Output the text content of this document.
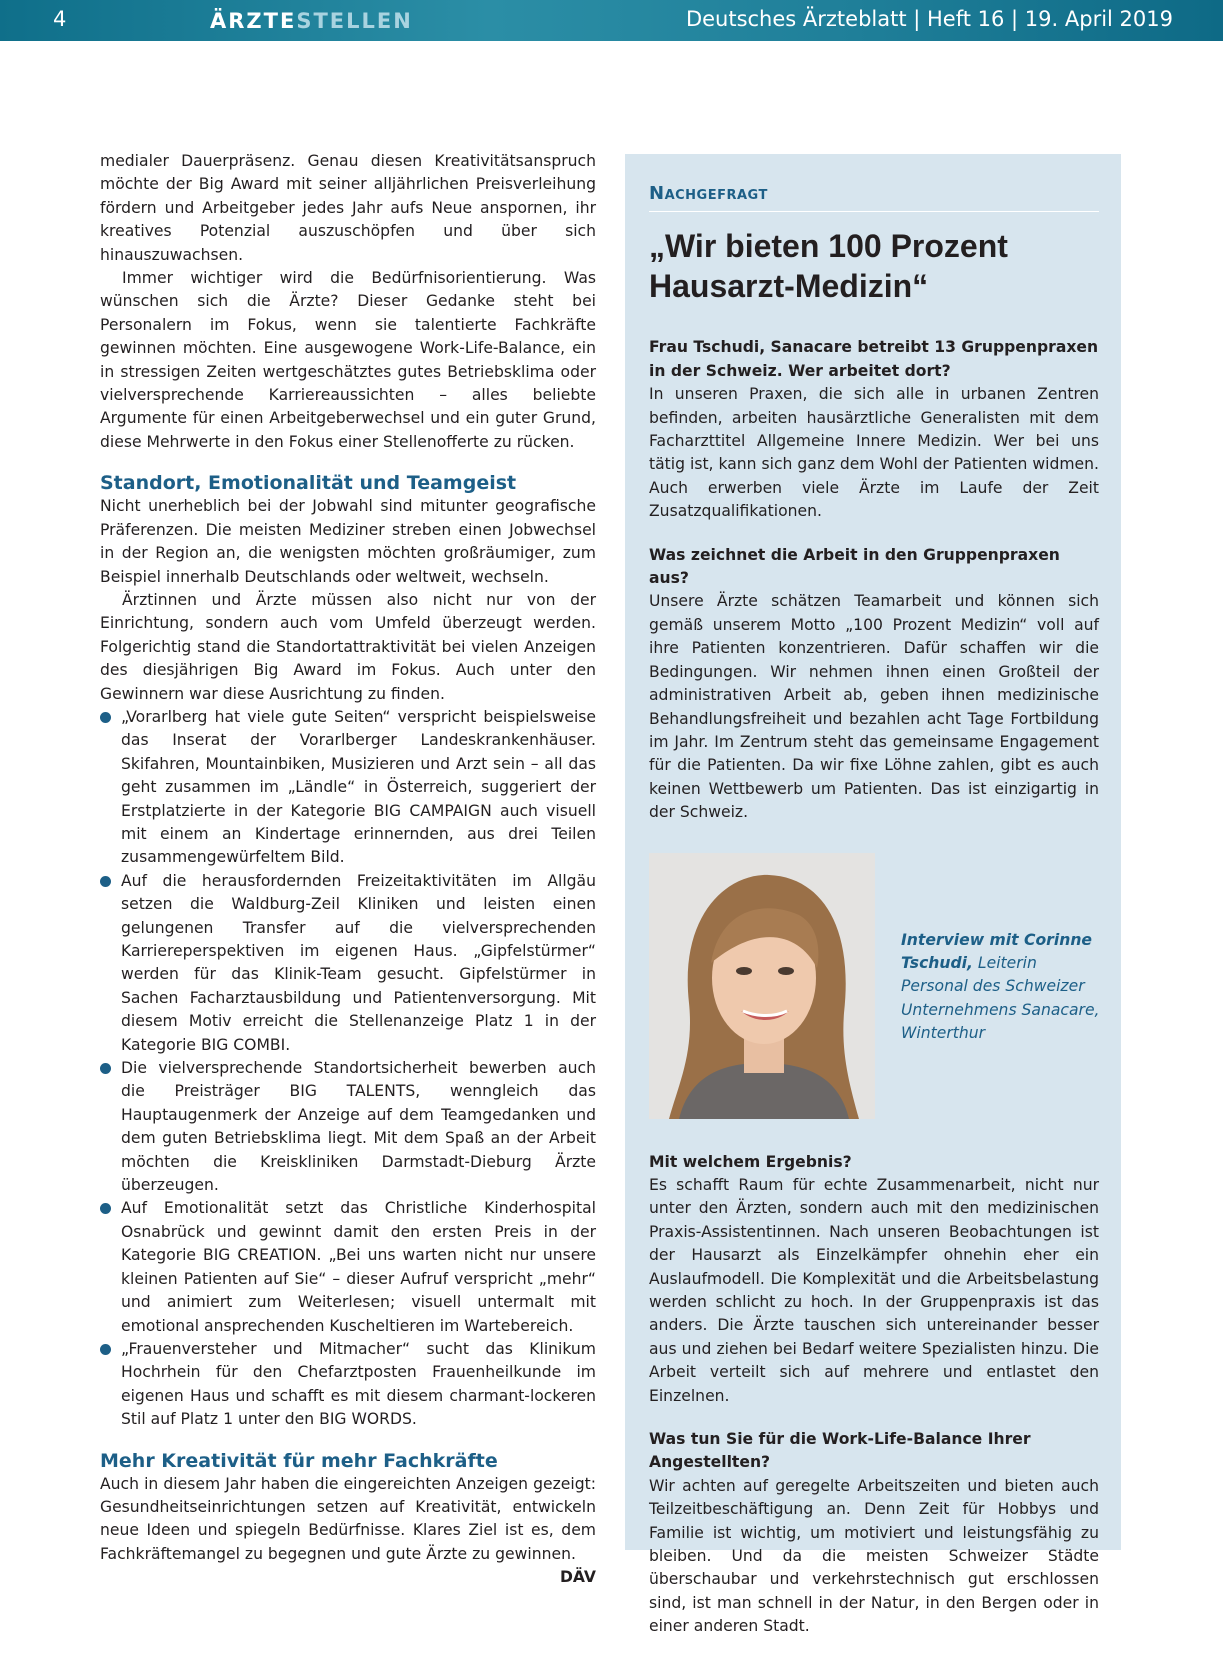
4	ÄRZTESTELLEN	Deutsches Ärzteblatt | Heft 16 | 19. April 2019

medialer Dauerpräsenz. Genau diesen Kreativitätsanspruch möchte der Big Award mit seiner alljährlichen Preisverleihung fördern und Arbeitgeber jedes Jahr aufs Neue anspornen, ihr kreatives Potenzial auszuschöpfen und über sich hinauszuwachsen.

Immer wichtiger wird die Bedürfnisorientierung. Was wünschen sich die Ärzte? Dieser Gedanke steht bei Personalern im Fokus, wenn sie talentierte Fachkräfte gewinnen möchten. Eine ausgewogene Work-Life-Balance, ein in stressigen Zeiten wertgeschätztes gutes Betriebsklima oder vielversprechende Karriereaussichten – alles beliebte Argumente für einen Arbeitgeberwechsel und ein guter Grund, diese Mehrwerte in den Fokus einer Stellenofferte zu rücken.

Standort, Emotionalität und Teamgeist

Nicht unerheblich bei der Jobwahl sind mitunter geografische Präferenzen. Die meisten Mediziner streben einen Jobwechsel in der Region an, die wenigsten möchten großräumiger, zum Beispiel innerhalb Deutschlands oder weltweit, wechseln.

Ärztinnen und Ärzte müssen also nicht nur von der Einrichtung, sondern auch vom Umfeld überzeugt werden. Folgerichtig stand die Standortattraktivität bei vielen Anzeigen des diesjährigen Big Award im Fokus. Auch unter den Gewinnern war diese Ausrichtung zu finden.

„Vorarlberg hat viele gute Seiten“ verspricht beispielsweise das Inserat der Vorarlberger Landeskrankenhäuser. Skifahren, Mountainbiken, Musizieren und Arzt sein – all das geht zusammen im „Ländle“ in Österreich, suggeriert der Erstplatzierte in der Kategorie BIG CAMPAIGN auch visuell mit einem an Kindertage erinnernden, aus drei Teilen zusammengewürfeltem Bild.
Auf die herausfordernden Freizeitaktivitäten im Allgäu setzen die Waldburg-Zeil Kliniken und leisten einen gelungenen Transfer auf die vielversprechenden Karriereperspektiven im eigenen Haus. „Gipfelstürmer“ werden für das Klinik-Team gesucht. Gipfelstürmer in Sachen Facharztausbildung und Patientenversorgung. Mit diesem Motiv erreicht die Stellenanzeige Platz 1 in der Kategorie BIG COMBI.
Die vielversprechende Standortsicherheit bewerben auch die Preisträger BIG TALENTS, wenngleich das Hauptaugenmerk der Anzeige auf dem Teamgedanken und dem guten Betriebsklima liegt. Mit dem Spaß an der Arbeit möchten die Kreiskliniken Darmstadt-Dieburg Ärzte überzeugen.
Auf Emotionalität setzt das Christliche Kinderhospital Osnabrück und gewinnt damit den ersten Preis in der Kategorie BIG CREATION. „Bei uns warten nicht nur unsere kleinen Patienten auf Sie“ – dieser Aufruf verspricht „mehr“ und animiert zum Weiterlesen; visuell untermalt mit emotional ansprechenden Kuscheltieren im Wartebereich.
„Frauenversteher und Mitmacher“ sucht das Klinikum Hochrhein für den Chefarztposten Frauenheilkunde im eigenen Haus und schafft es mit diesem charmant-lockeren Stil auf Platz 1 unter den BIG WORDS.
Mehr Kreativität für mehr Fachkräfte

Auch in diesem Jahr haben die eingereichten Anzeigen gezeigt: Gesundheitseinrichtungen setzen auf Kreativität, entwickeln neue Ideen und spiegeln Bedürfnisse. Klares Ziel ist es, dem Fachkräftemangel zu begegnen und gute Ärzte zu gewinnen.
DÄV

Nachgefragt
„Wir bieten 100 Prozent Hausarzt-Medizin“
Frau Tschudi, Sanacare betreibt 13 Gruppenpraxen in der Schweiz. Wer arbeitet dort?

In unseren Praxen, die sich alle in urbanen Zentren befinden, arbeiten hausärztliche Generalisten mit dem Facharzttitel Allgemeine Innere Medizin. Wer bei uns tätig ist, kann sich ganz dem Wohl der Patienten widmen. Auch erwerben viele Ärzte im Laufe der Zeit Zusatzqualifikationen.

Was zeichnet die Arbeit in den Gruppenpraxen aus?

Unsere Ärzte schätzen Teamarbeit und können sich gemäß unserem Motto „100 Prozent Medizin“ voll auf ihre Patienten konzentrieren. Dafür schaffen wir die Bedingungen. Wir nehmen ihnen einen Großteil der administrativen Arbeit ab, geben ihnen medizinische Behandlungsfreiheit und bezahlen acht Tage Fortbildung im Jahr. Im Zentrum steht das gemeinsame Engagement für die Patienten. Da wir fixe Löhne zahlen, gibt es auch keinen Wettbewerb um Patienten. Das ist einzigartig in der Schweiz.

Interview mit Corinne Tschudi, Leiterin Personal des Schweizer Unternehmens Sanacare, Winterthur
Mit welchem Ergebnis?

Es schafft Raum für echte Zusammenarbeit, nicht nur unter den Ärzten, sondern auch mit den medizinischen Praxis-Assistentinnen. Nach unseren Beobachtungen ist der Hausarzt als Einzelkämpfer ohnehin eher ein Auslaufmodell. Die Komplexität und die Arbeitsbelastung werden schlicht zu hoch. In der Gruppenpraxis ist das anders. Die Ärzte tauschen sich untereinander besser aus und ziehen bei Bedarf weitere Spezialisten hinzu. Die Arbeit verteilt sich auf mehrere und entlastet den Einzelnen.

Was tun Sie für die Work-Life-Balance Ihrer Angestellten?

Wir achten auf geregelte Arbeitszeiten und bieten auch Teilzeitbeschäftigung an. Denn Zeit für Hobbys und Familie ist wichtig, um motiviert und leistungsfähig zu bleiben. Und da die meisten Schweizer Städte überschaubar und verkehrstechnisch gut erschlossen sind, ist man schnell in der Natur, in den Bergen oder in einer anderen Stadt.
